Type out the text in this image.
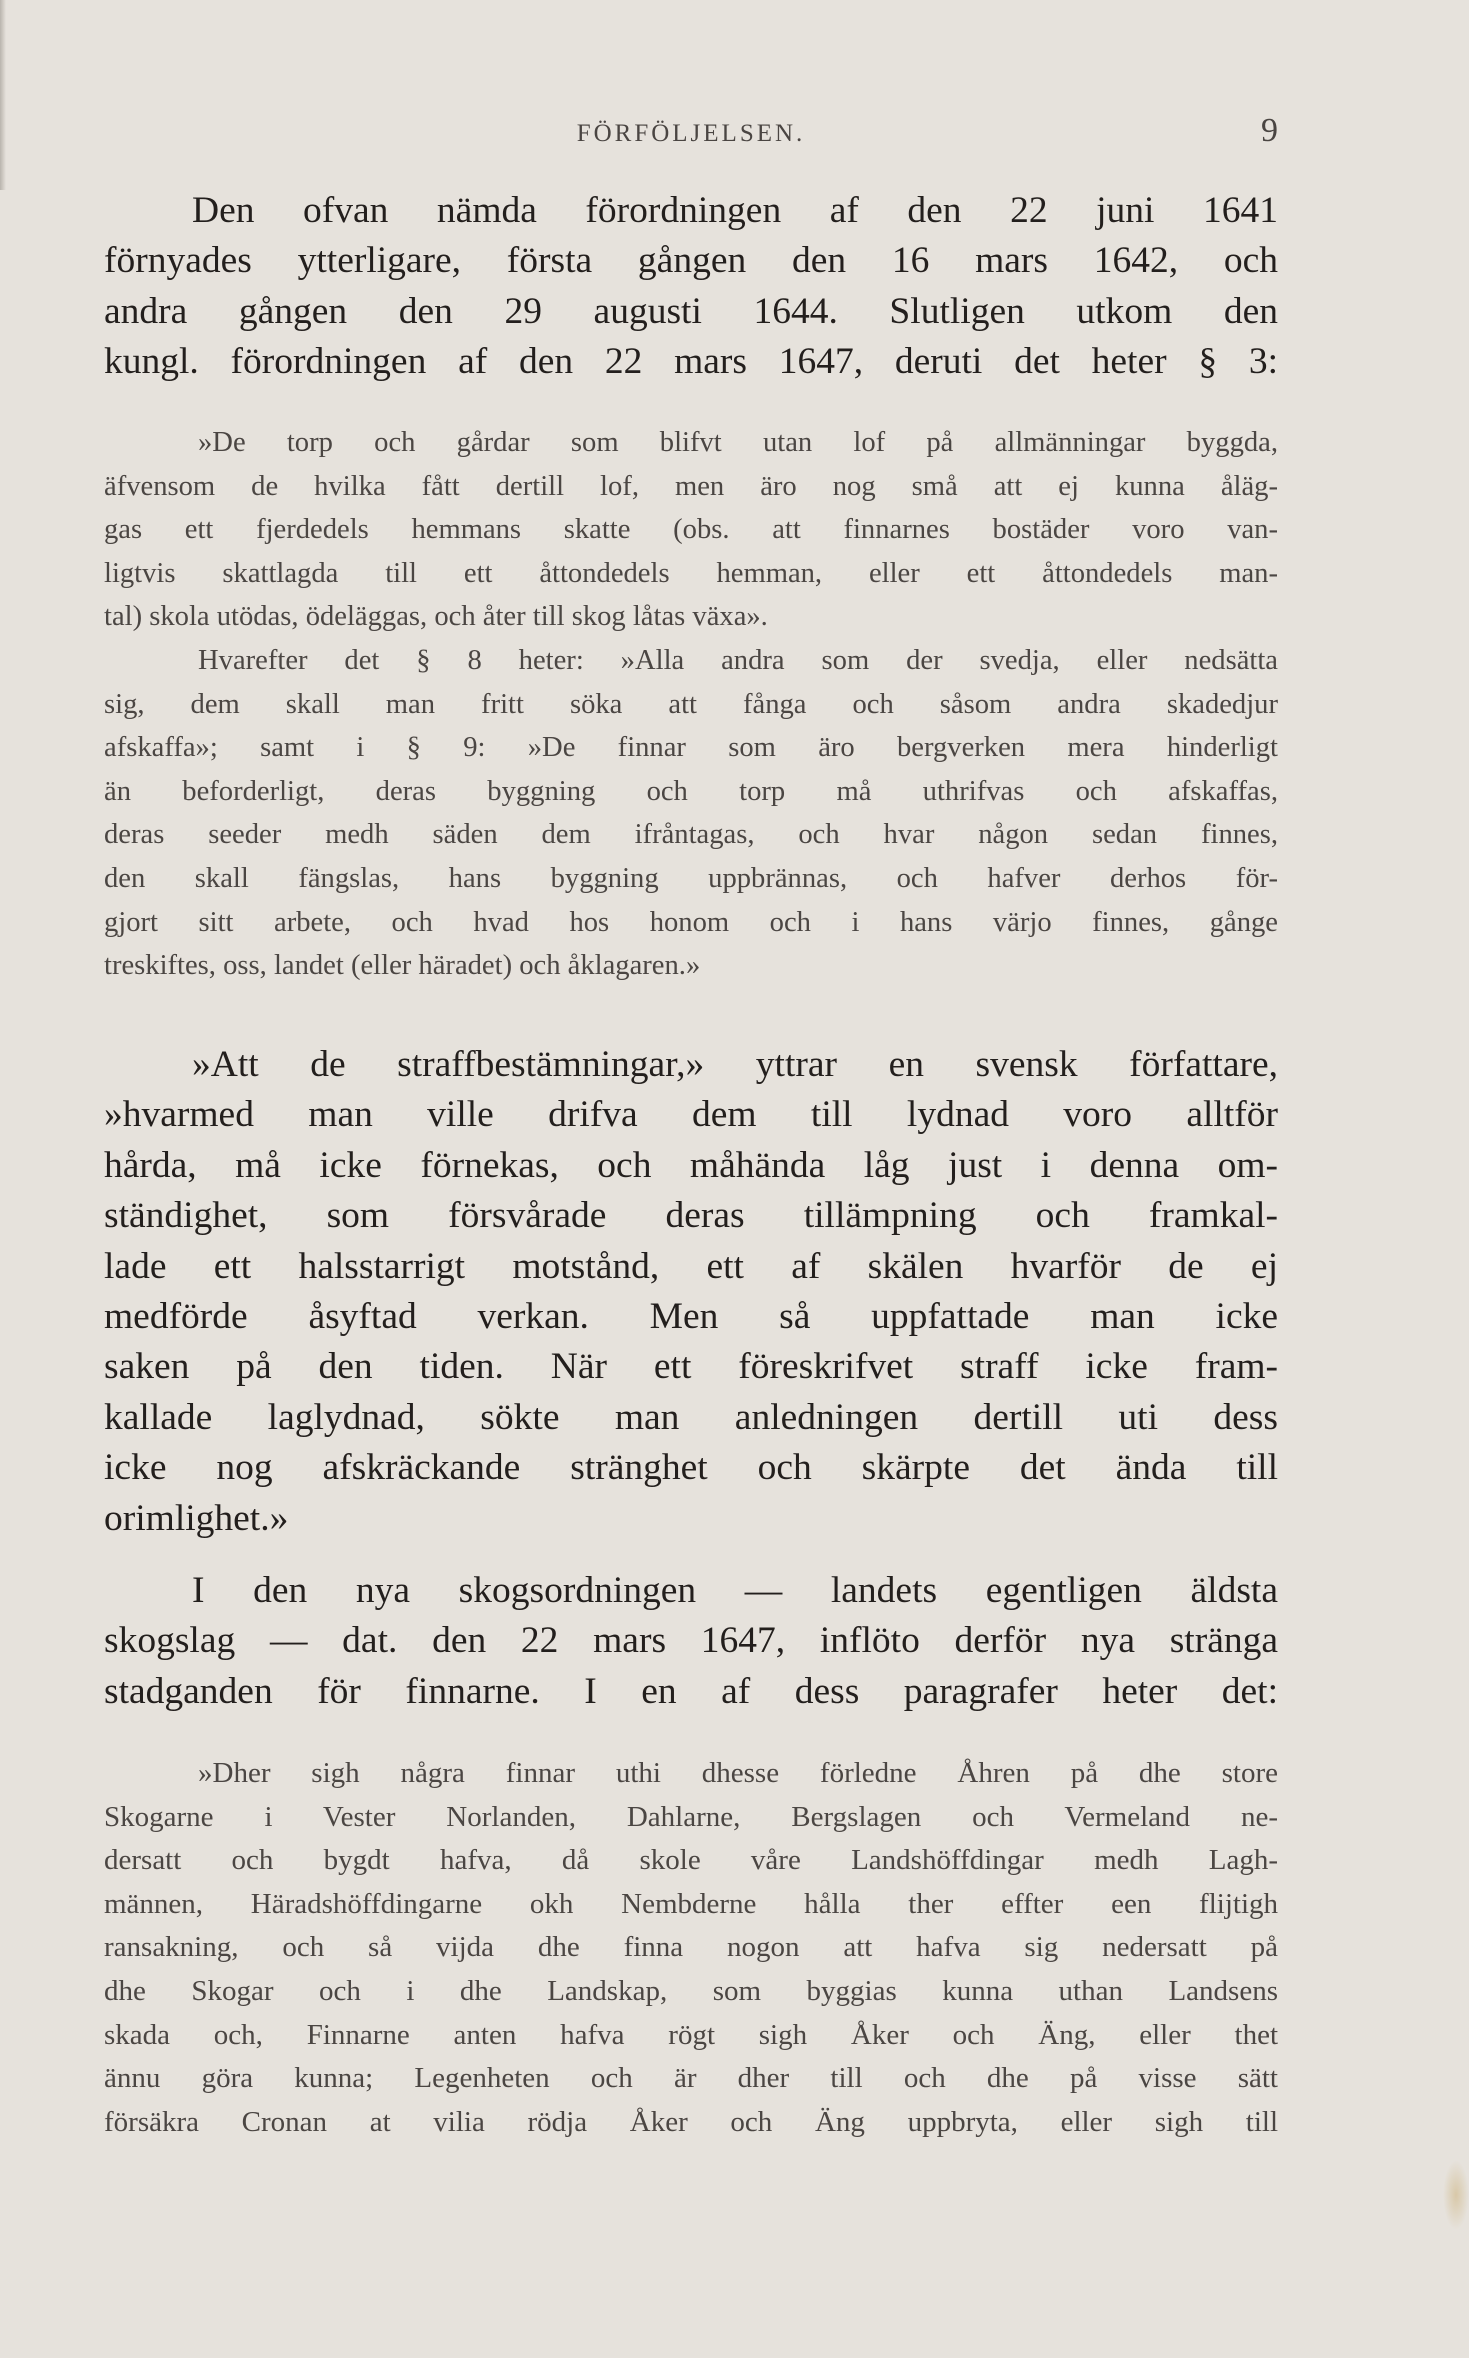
FÖRFÖLJELSEN.	9

Den ofvan nämda förordningen af den 22 juni 1641
förnyades ytterligare, första gången den 16 mars 1642, och
andra gången den 29 augusti 1644. Slutligen utkom den
kungl. förordningen af den 22 mars 1647, deruti det heter § 3:

»De torp och gårdar som blifvt utan lof på allmänningar byggda,
äfvensom de hvilka fått dertill lof, men äro nog små att ej kunna åläg-
gas ett fjerdedels hemmans skatte (obs. att finnarnes bostäder voro van-
ligtvis skattlagda till ett åttondedels hemman, eller ett åttondedels man-
tal) skola utödas, ödeläggas, och åter till skog låtas växa».
Hvarefter det § 8 heter: »Alla andra som der svedja, eller nedsätta
sig, dem skall man fritt söka att fånga och såsom andra skadedjur
afskaffa»; samt i § 9: »De finnar som äro bergverken mera hinderligt
än beforderligt, deras byggning och torp må uthrifvas och afskaffas,
deras seeder medh säden dem ifråntagas, och hvar någon sedan finnes,
den skall fängslas, hans byggning uppbrännas, och hafver derhos för-
gjort sitt arbete, och hvad hos honom och i hans värjo finnes, gånge
treskiftes, oss, landet (eller häradet) och åklagaren.»

»Att de straffbestämningar,» yttrar en svensk författare,
»hvarmed man ville drifva dem till lydnad voro alltför
hårda, må icke förnekas, och måhända låg just i denna om-
ständighet, som försvårade deras tillämpning och framkal-
lade ett halsstarrigt motstånd, ett af skälen hvarför de ej
medförde åsyftad verkan. Men så uppfattade man icke
saken på den tiden. När ett föreskrifvet straff icke fram-
kallade laglydnad, sökte man anledningen dertill uti dess
icke nog afskräckande stränghet och skärpte det ända till
orimlighet.»

I den nya skogsordningen — landets egentligen äldsta
skogslag — dat. den 22 mars 1647, inflöto derför nya stränga
stadganden för finnarne. I en af dess paragrafer heter det:

»Dher sigh några finnar uthi dhesse förledne Åhren på dhe store
Skogarne i Vester Norlanden, Dahlarne, Bergslagen och Vermeland ne-
dersatt och bygdt hafva, då skole våre Landshöffdingar medh Lagh-
männen, Häradshöffdingarne okh Nembderne hålla ther effter een flijtigh
ransakning, och så vijda dhe finna nogon att hafva sig nedersatt på
dhe Skogar och i dhe Landskap, som byggias kunna uthan Landsens
skada och, Finnarne anten hafva rögt sigh Åker och Äng, eller thet
ännu göra kunna; Legenheten och är dher till och dhe på visse sätt
försäkra Cronan at vilia rödja Åker och Äng uppbryta, eller sigh till
